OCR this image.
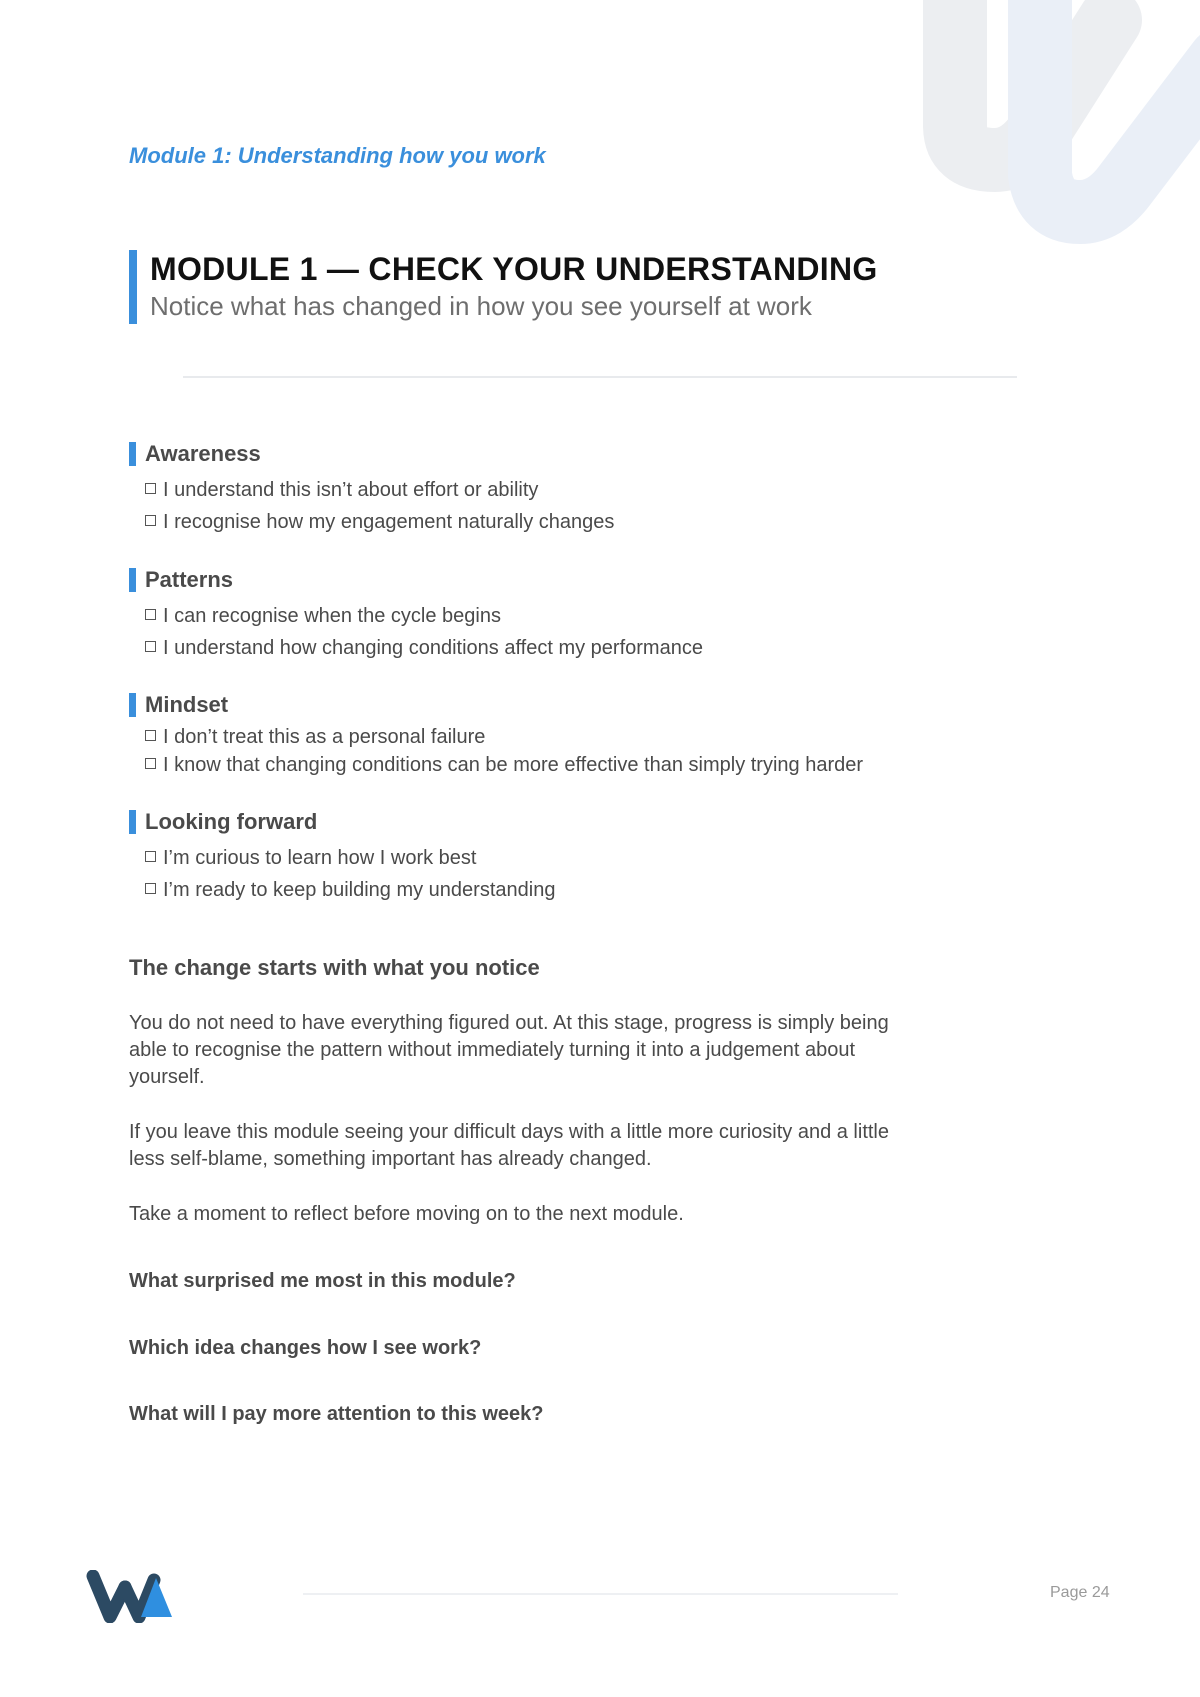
Module 1: Understanding how you work
MODULE 1 — CHECK YOUR UNDERSTANDING
Notice what has changed in how you see yourself at work
Awareness
I understand this isn’t about effort or ability
I recognise how my engagement naturally changes
Patterns
I can recognise when the cycle begins
I understand how changing conditions affect my performance
Mindset
I don’t treat this as a personal failure
I know that changing conditions can be more effective than simply trying harder
Looking forward
I’m curious to learn how I work best
I’m ready to keep building my understanding
The change starts with what you notice
You do not need to have everything figured out. At this stage, progress is simply being able to recognise the pattern without immediately turning it into a judgement about yourself.
If you leave this module seeing your difficult days with a little more curiosity and a little less self-blame, something important has already changed.
Take a moment to reflect before moving on to the next module.
What surprised me most in this module?
Which idea changes how I see work?
What will I pay more attention to this week?
Page 24
